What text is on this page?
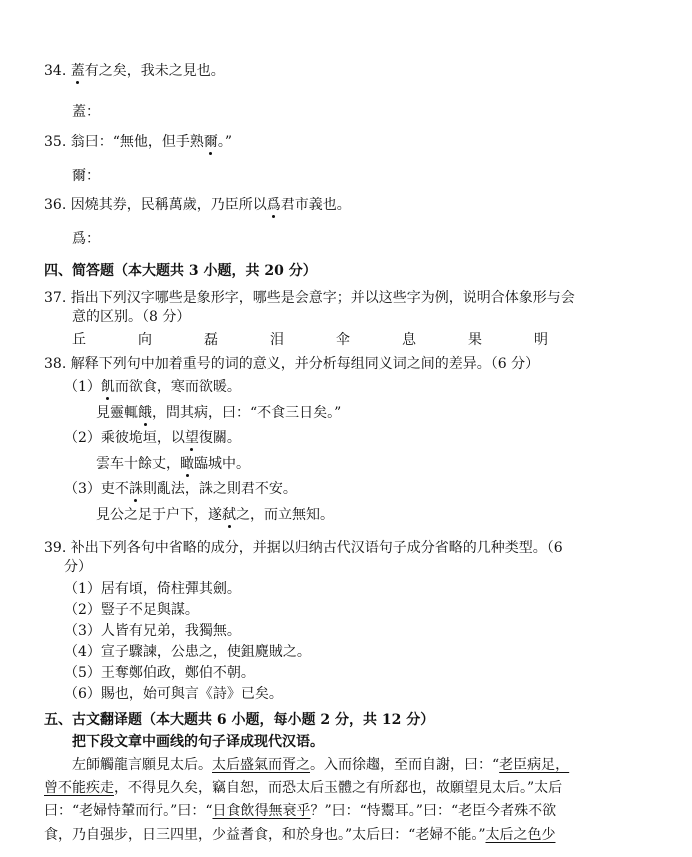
34. 蓋有之矣，我未之見也。
蓋：
35. 翁曰：“無他，但手熟爾。”
爾：
36. 因燒其券，民稱萬歲，乃臣所以爲君市義也。
爲：
四、简答题（本大题共 3 小题，共 20 分）
37. 指出下列汉字哪些是象形字，哪些是会意字；并以这些字为例，说明合体象形与会
意的区别。（8 分）
丘	向	磊	泪	伞	息	果	明
38. 解释下列句中加着重号的词的意义，并分析每组同义词之间的差异。（6 分）
（1）飢而欲食，寒而欲暖。
見靈輒餓，問其病，曰：“不食三日矣。”
（2）乘彼垝垣，以望復關。
雲车十餘丈，瞰臨城中。
（3）吏不誅則亂法，誅之則君不安。
見公之足于户下，遂弑之，而立無知。
39. 补出下列各句中省略的成分，并据以归纳古代汉语句子成分省略的几种类型。（6
分）
（1）居有頃，倚柱彈其劍。
（2）豎子不足與謀。
（3）人皆有兄弟，我獨無。
（4）宣子驟諫，公患之，使鉏麑賊之。
（5）王奪鄭伯政，鄭伯不朝。
（6）賜也，始可與言《詩》已矣。
五、古文翻译题（本大题共 6 小题，每小题 2 分，共 12 分）
把下段文章中画线的句子译成现代汉语。
左師觸龍言願見太后。太后盛氣而胥之。入而徐趨，至而自謝，曰：“老臣病足，
曾不能疾走，不得見久矣，竊自恕，而恐太后玉體之有所郄也，故願望見太后。”太后
曰：“老婦恃輦而行。”曰：“日食飲得無衰乎？”曰：“恃鬻耳。”曰：“老臣今者殊不欲
食，乃自强步，日三四里，少益耆食，和於身也。”太后曰：“老婦不能。”太后之色少
